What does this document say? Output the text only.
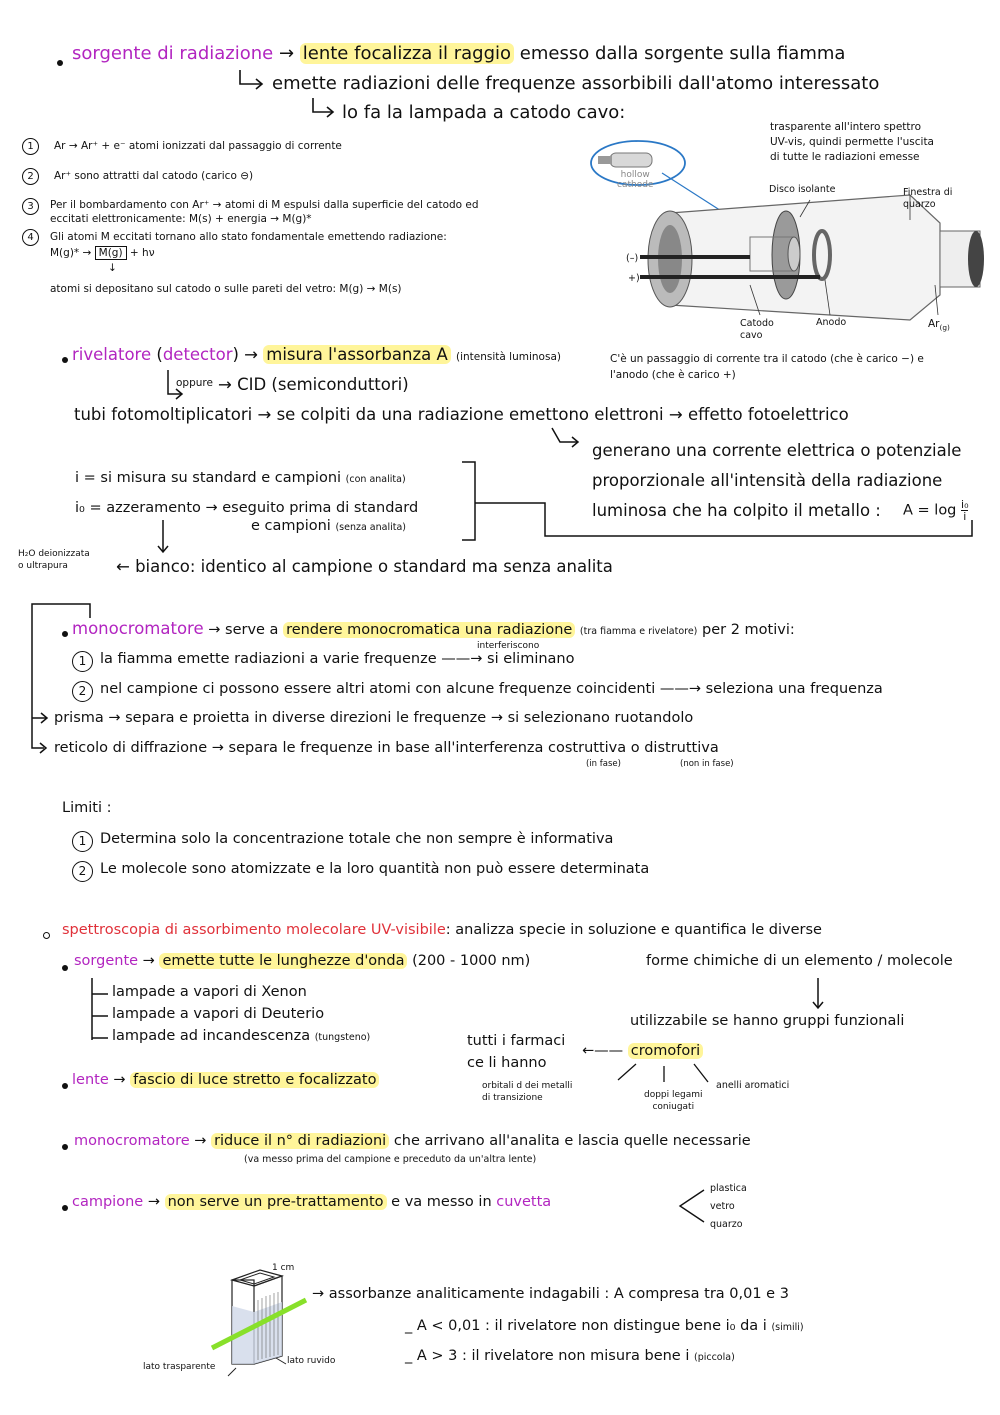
sorgente di radiazione → lente focalizza il raggio emesso dalla sorgente sulla fiamma
emette radiazioni delle frequenze assorbibili dall'atomo interessato
lo fa la lampada a catodo cavo:
1	Ar → Ar⁺ + e⁻ atomi ionizzati dal passaggio di corrente
2	Ar⁺ sono attratti dal catodo (carico ⊖)
3	Per il bombardamento con Ar⁺ → atomi di M espulsi dalla superficie del catodo ed
eccitati elettronicamente: M(s) + energia → M(g)*
4	Gli atomi M eccitati tornano allo stato fondamentale emettendo radiazione:
M(g)* → M(g) + hν
↓
atomi si depositano sul catodo o sulle pareti del vetro: M(g) → M(s)
trasparente all'intero spettro
UV-vis, quindi permette l'uscita
di tutte le radiazioni emesse
hollow
cathode	Disco isolante	Finestra di
quarzo
(–)
+)
Catodo
cavo
Anodo	$Ar_{(g)}$
C'è un passaggio di corrente tra il catodo (che è carico −) e
l'anodo (che è carico +)
rivelatore (detector) → misura l'assorbanza A (intensità luminosa)
oppure → CID (semiconduttori)
tubi fotomoltiplicatori → se colpiti da una radiazione emettono elettroni → effetto fotoelettrico
generano una corrente elettrica o potenziale
proporzionale all'intensità della radiazione
luminosa che ha colpito il metallo :	$A = \log \frac{\text{i₀}}{i}$
i = si misura su standard e campioni (con analita)
i₀ = azzeramento → eseguito prima di standard
e campioni (senza analita)
H₂O deionizzata
o ultrapura	← bianco: identico al campione o standard ma senza analita
monocromatore → serve a rendere monocromatica una radiazione (tra fiamma e rivelatore) per 2 motivi:
interferiscono
1 la fiamma emette radiazioni a varie frequenze ——→ si eliminano
2 nel campione ci possono essere altri atomi con alcune frequenze coincidenti ——→ seleziona una frequenza
prisma → separa e proietta in diverse direzioni le frequenze → si selezionano ruotandolo
reticolo di diffrazione → separa le frequenze in base all'interferenza costruttiva o distruttiva
(in fase)	(non in fase)
Limiti :
1 Determina solo la concentrazione totale che non sempre è informativa
2 Le molecole sono atomizzate e la loro quantità non può essere determinata
spettroscopia di assorbimento molecolare UV-visibile: analizza specie in soluzione e quantifica le diverse
sorgente → emette tutte le lunghezze d'onda (200 - 1000 nm)	forme chimiche di un elemento / molecole
lampade a vapori di Xenon
lampade a vapori di Deuterio
lampade ad incandescenza (tungsteno)
utilizzabile se hanno gruppi funzionali
tutti i farmaci
ce li hanno
←—— cromofori
orbitali d dei metalli
di transizione	doppi legami
coniugati
anelli aromatici
lente → fascio di luce stretto e focalizzato
monocromatore → riduce il n° di radiazioni che arrivano all'analita e lascia quelle necessarie
(va messo prima del campione e preceduto da un'altra lente)
campione → non serve un pre-trattamento e va messo in cuvetta
plastica
vetro
quarzo
1 cm
lato trasparente
lato ruvido
→ assorbanze analiticamente indagabili : A compresa tra 0,01 e 3
_ A < 0,01 : il rivelatore non distingue bene i₀ da i (simili)
_ A > 3 : il rivelatore non misura bene i (piccola)
